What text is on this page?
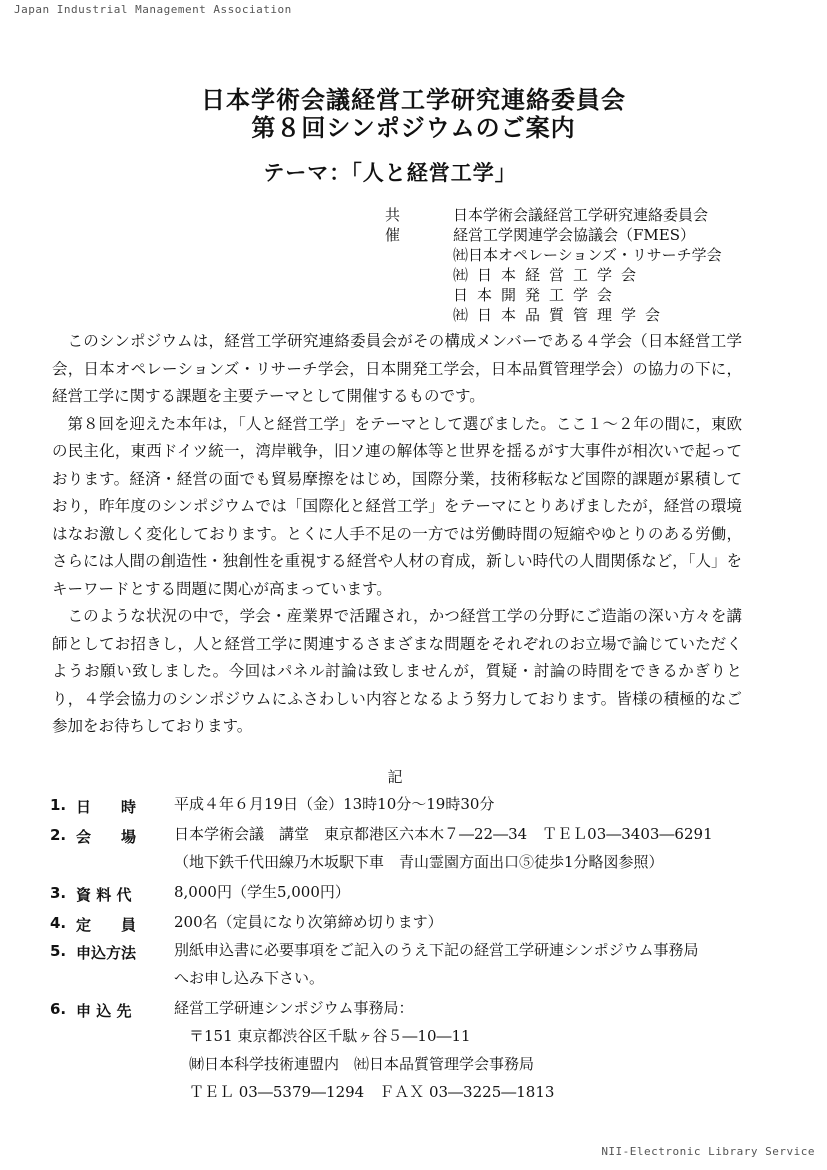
Japan Industrial Management Association
日本学術会議経営工学研究連絡委員会
第８回シンポジウムのご案内
テーマ：「人と経営工学」
共 催
日本学術会議経営工学研究連絡委員会
経営工学関連学会協議会（FMES）
㈳日本オペレーションズ・リサーチ学会
㈳日本経営工学会
日本開発工学会
㈳日本品質管理学会

このシンポジウムは，経営工学研究連絡委員会がその構成メンバーである４学会（日本経営工学会，日本オペレーションズ・リサーチ学会，日本開発工学会，日本品質管理学会）の協力の下に，経営工学に関する課題を主要テーマとして開催するものです。

第８回を迎えた本年は，「人と経営工学」をテーマとして選びました。ここ１～２年の間に，東欧の民主化，東西ドイツ統一，湾岸戦争，旧ソ連の解体等と世界を揺るがす大事件が相次いで起っております。経済・経営の面でも貿易摩擦をはじめ，国際分業，技術移転など国際的課題が累積しており，昨年度のシンポジウムでは「国際化と経営工学」をテーマにとりあげましたが，経営の環境はなお激しく変化しております。とくに人手不足の一方では労働時間の短縮やゆとりのある労働，さらには人間の創造性・独創性を重視する経営や人材の育成，新しい時代の人間関係など，「人」をキーワードとする問題に関心が高まっています。

このような状況の中で，学会・産業界で活躍され，かつ経営工学の分野にご造詣の深い方々を講師としてお招きし，人と経営工学に関連するさまざまな問題をそれぞれのお立場で論じていただくようお願い致しました。今回はパネル討論は致しませんが，質疑・討論の時間をできるかぎりとり，４学会協力のシンポジウムにふさわしい内容となるよう努力しております。皆様の積極的なご参加をお待ちしております。

記
1. 日　　時	平成４年６月19日（金）13時10分～19時30分
2. 会　　場	日本学術会議　講堂　東京都港区六本木７―22―34　ＴＥＬ03―3403―6291
（地下鉄千代田線乃木坂駅下車　青山霊園方面出口⑤徒歩1分略図参照）
3. 資 料 代	8,000円（学生5,000円）
4. 定　　員	200名（定員になり次第締め切ります）
5. 申込方法	別紙申込書に必要事項をご記入のうえ下記の経営工学研連シンポジウム事務局
へお申し込み下さい。
6. 申 込 先	経営工学研連シンポジウム事務局：
　〒151 東京都渋谷区千駄ヶ谷５―10―11
　㈶日本科学技術連盟内　㈳日本品質管理学会事務局
　ＴＥＬ 03―5379―1294　ＦＡＸ 03―3225―1813
NII-Electronic Library Service
